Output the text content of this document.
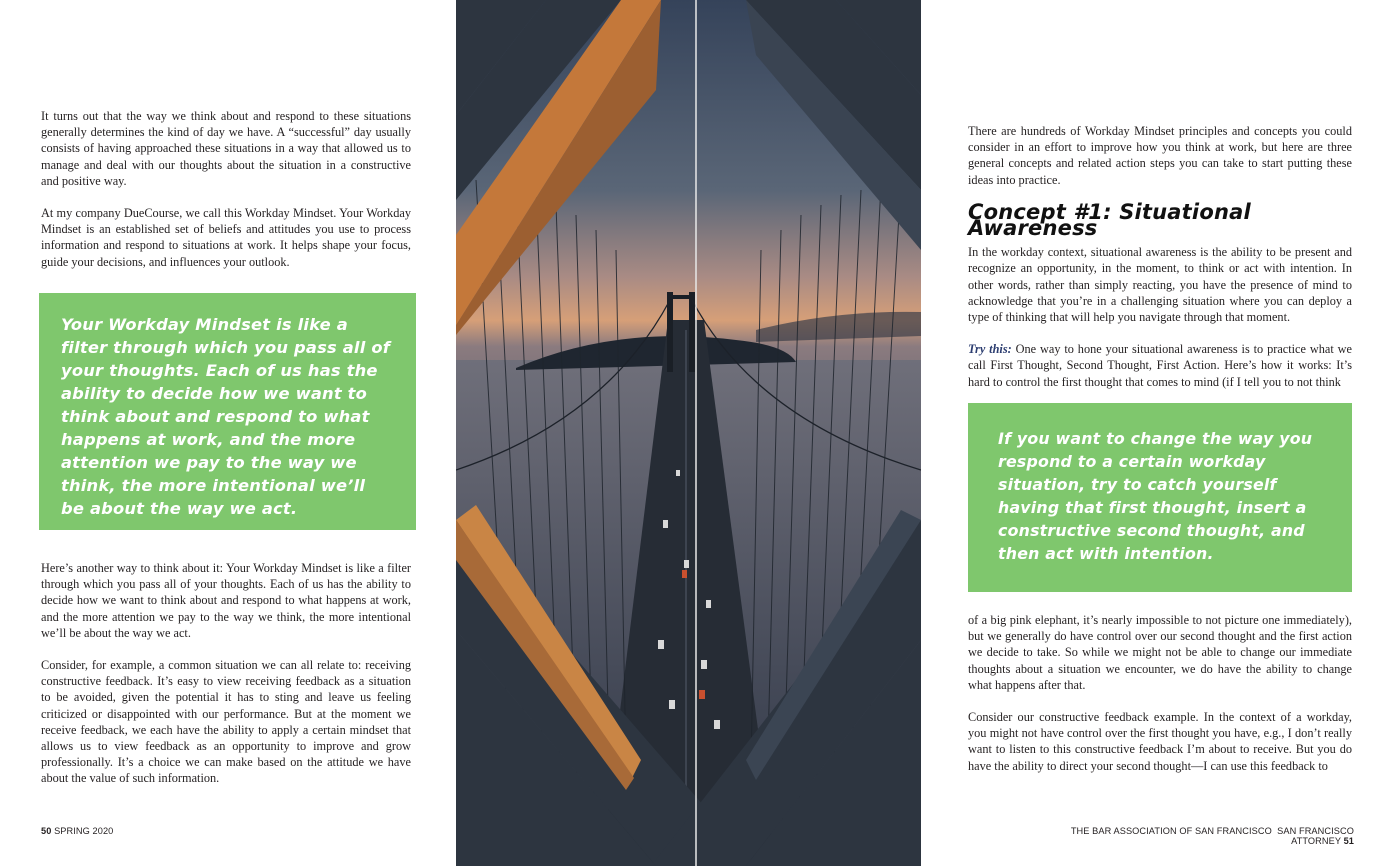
It turns out that the way we think about and respond to these situations generally determines the kind of day we have. A “successful” day usually consists of having approached these situations in a way that allowed us to manage and deal with our thoughts about the situation in a constructive and positive way.

At my company DueCourse, we call this Workday Mindset. Your Workday Mindset is an established set of beliefs and attitudes you use to process information and respond to situations at work. It helps shape your focus, guide your decisions, and influences your outlook.

Your Workday Mindset is like a filter through which you pass all of your thoughts. Each of us has the ability to decide how we want to think about and respond to what happens at work, and the more attention we pay to the way we think, the more intentional we’ll be about the way we act.

Here’s another way to think about it: Your Workday Mindset is like a filter through which you pass all of your thoughts. Each of us has the ability to decide how we want to think about and respond to what happens at work, and the more attention we pay to the way we think, the more intentional we’ll be about the way we act.

Consider, for example, a common situation we can all relate to: receiving constructive feedback. It’s easy to view receiving feedback as a situation to be avoided, given the potential it has to sting and leave us feeling criticized or disappointed with our performance. But at the moment we receive feedback, we each have the ability to apply a certain mindset that allows us to view feedback as an opportunity to improve and grow professionally. It’s a choice we can make based on the attitude we have about the value of such information.

There are hundreds of Workday Mindset principles and concepts you could consider in an effort to improve how you think at work, but here are three general concepts and related action steps you can take to start putting these ideas into practice.

Concept #1: Situational Awareness

In the workday context, situational awareness is the ability to be present and recognize an opportunity, in the moment, to think or act with intention. In other words, rather than simply reacting, you have the presence of mind to acknowledge that you’re in a challenging situation where you can deploy a type of thinking that will help you navigate through that moment.

Try this: One way to hone your situational awareness is to practice what we call First Thought, Second Thought, First Action. Here’s how it works: It’s hard to control the first thought that comes to mind (if I tell you to not think

If you want to change the way you respond to a certain workday situation, try to catch yourself having that first thought, insert a constructive second thought, and then act with intention.

of a big pink elephant, it’s nearly impossible to not picture one immediately), but we generally do have control over our second thought and the first action we decide to take. So while we might not be able to change our immediate thoughts about a situation we encounter, we do have the ability to change what happens after that.

Consider our constructive feedback example. In the context of a workday, you might not have control over the first thought you have, e.g., I don’t really want to listen to this constructive feedback I’m about to receive. But you do have the ability to direct your second thought—I can use this feedback to

50 SPRING 2020	THE BAR ASSOCIATION OF SAN FRANCISCO SAN FRANCISCO ATTORNEY 51
